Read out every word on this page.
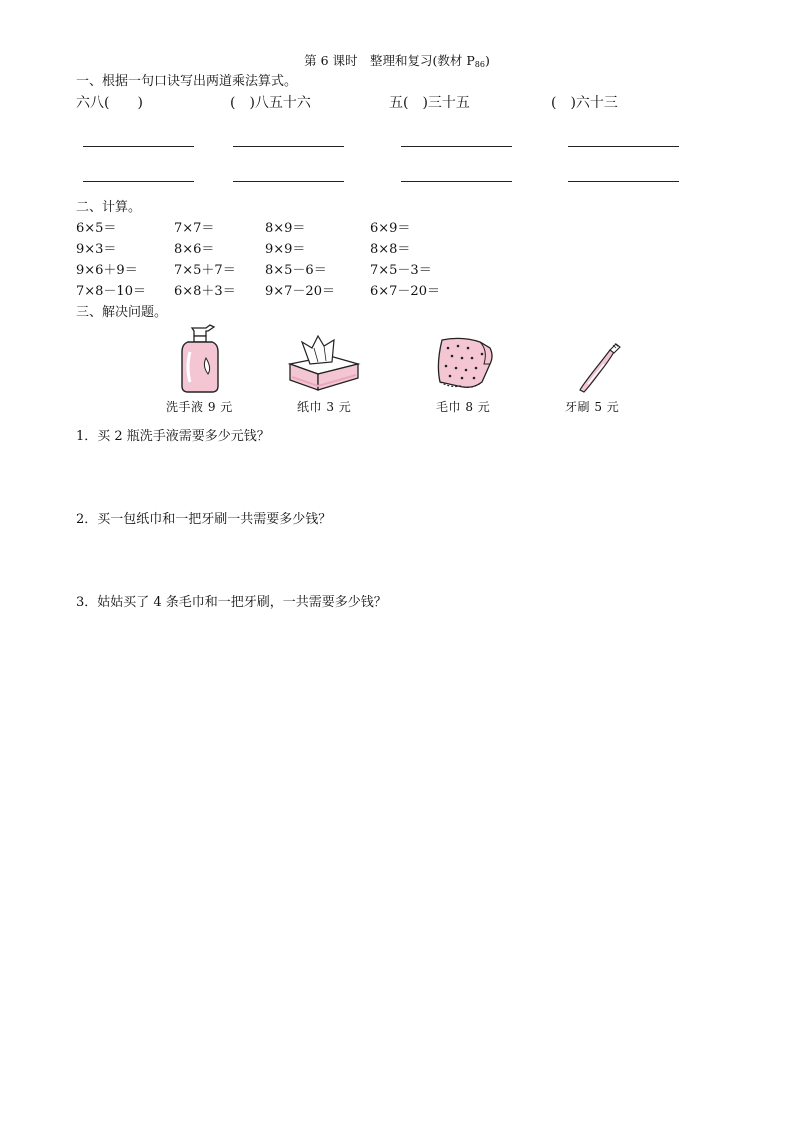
第 6 课时　整理和复习(教材 $P_{86}$)
一、根据一句口诀写出两道乘法算式。
六八(　　)	(　)八五十六	五(　)三十五	(　)六十三
二、计算。
6×5＝	7×7＝	8×9＝	6×9＝
9×3＝	8×6＝	9×9＝	8×8＝
9×6＋9＝	7×5＋7＝ 8×5－6＝	7×5－3＝
7×8－10＝ 6×8＋3＝ 9×7－20＝	6×7－20＝
三、解决问题。
洗手液 9 元	纸巾 3 元	毛巾 8 元	牙刷 5 元
1．买 2 瓶洗手液需要多少元钱？
2．买一包纸巾和一把牙刷一共需要多少钱？
3．姑姑买了 4 条毛巾和一把牙刷，一共需要多少钱？
